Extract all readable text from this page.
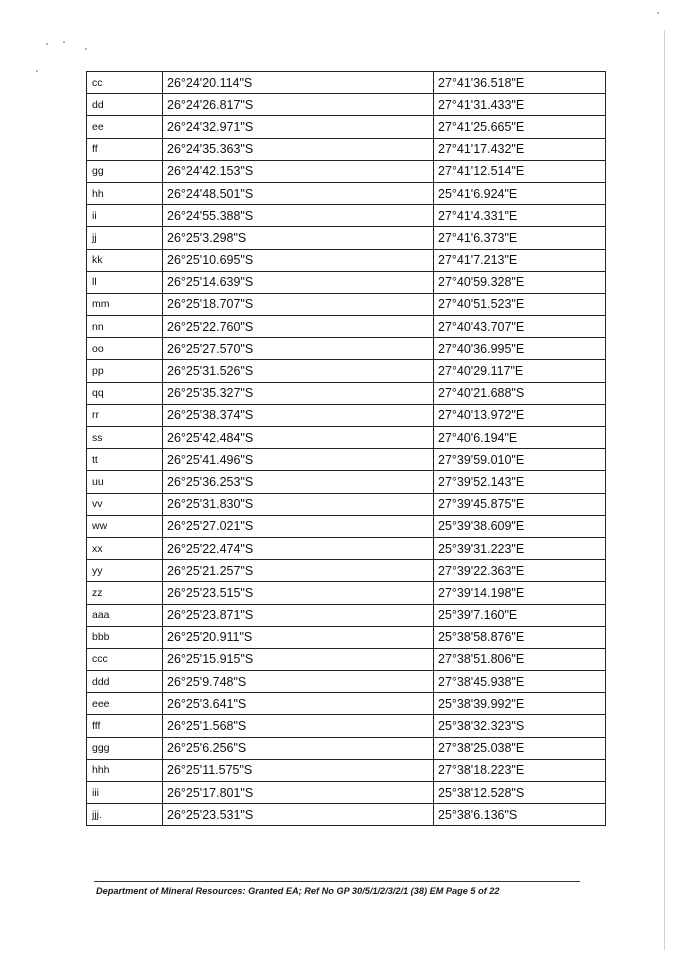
cc	26°24'20.114"S	27°41'36.518"E
dd	26°24'26.817"S	27°41'31.433"E
ee	26°24'32.971"S	27°41'25.665"E
ff	26°24'35.363"S	27°41'17.432"E
gg	26°24'42.153"S	27°41'12.514"E
hh	26°24'48.501"S	25°41'6.924"E
ii	26°24'55.388"S	27°41'4.331"E
jj	26°25'3.298"S	27°41'6.373"E
kk	26°25'10.695"S	27°41'7.213"E
ll	26°25'14.639"S	27°40'59.328"E
mm	26°25'18.707"S	27°40'51.523"E
nn	26°25'22.760"S	27°40'43.707"E
oo	26°25'27.570"S	27°40'36.995"E
pp	26°25'31.526"S	27°40'29.117"E
qq	26°25'35.327"S	27°40'21.688"S
rr	26°25'38.374"S	27°40'13.972"E
ss	26°25'42.484"S	27°40'6.194"E
tt	26°25'41.496"S	27°39'59.010"E
uu	26°25'36.253"S	27°39'52.143"E
vv	26°25'31.830"S	27°39'45.875"E
ww	26°25'27.021"S	25°39'38.609"E
xx	26°25'22.474"S	25°39'31.223"E
yy	26°25'21.257"S	27°39'22.363"E
zz	26°25'23.515"S	27°39'14.198"E
aaa	26°25'23.871"S	25°39'7.160"E
bbb	26°25'20.911"S	25°38'58.876"E
ccc	26°25'15.915"S	27°38'51.806"E
ddd	26°25'9.748"S	27°38'45.938"E
eee	26°25'3.641"S	25°38'39.992"E
fff	26°25'1.568"S	25°38'32.323"S
ggg	26°25'6.256"S	27°38'25.038"E
hhh	26°25'11.575"S	27°38'18.223"E
iii	26°25'17.801"S	25°38'12.528"S
jjj.	26°25'23.531"S	25°38'6.136"S
Department of Mineral Resources: Granted EA; Ref No GP 30/5/1/2/3/2/1 (38) EM Page 5 of 22
